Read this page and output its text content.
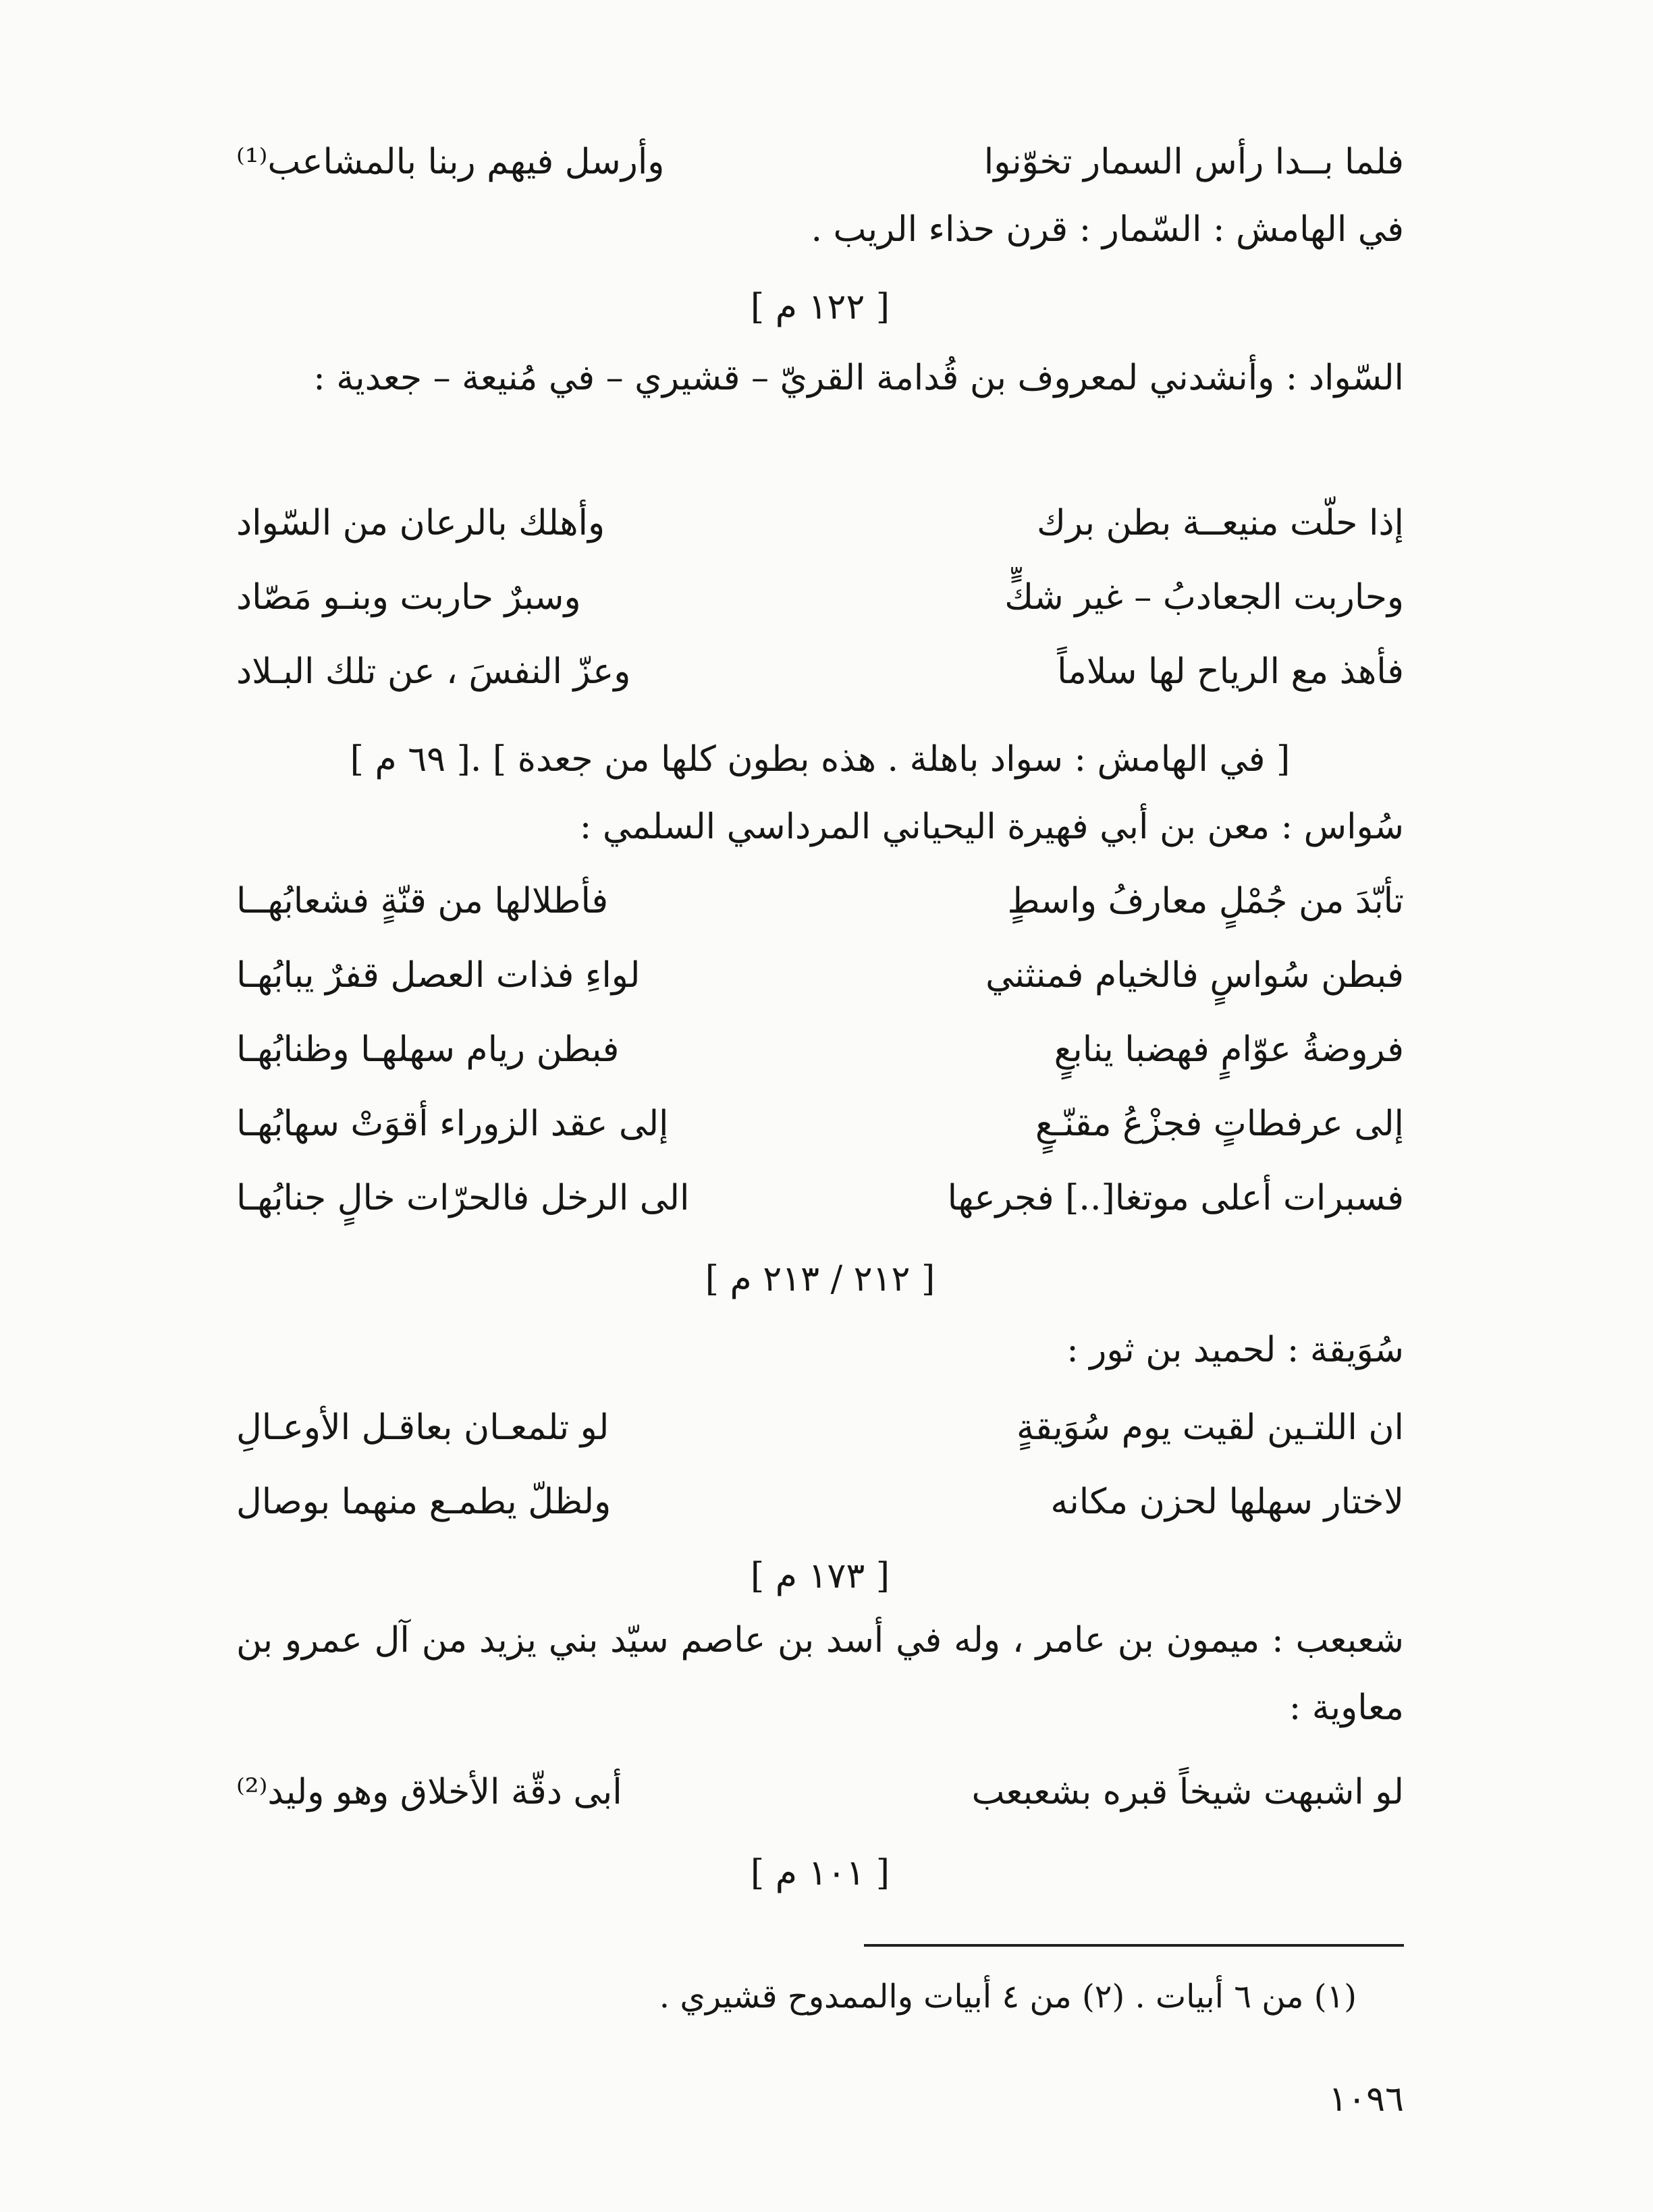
فلما بــدا رأس السمار تخوّنوا
وأرسل فيهم ربنا بالمشاعب⁽¹⁾
في الهامش : السّمار : قرن حذاء الريب .
[ ١٢٢ م ]
السّواد : وأنشدني لمعروف بن قُدامة القريّ – قشيري – في مُنيعة – جعدية :
إذا حلّت منيعــة بطن برك
وأهلك بالرعان من السّواد
وحاربت الجعادبُ – غير شكٍّ
وسبرٌ حاربت وبنـو مَصّاد
فأهذ مع الرياح لها سلاماً
وعزّ النفسَ ، عن تلك البـلاد
[ في الهامش : سواد باهلة . هذه بطون كلها من جعدة ] .[ ٦٩ م ]
سُواس : معن بن أبي فهيرة اليحياني المرداسي السلمي :
تأبّدَ من جُمْلٍ معارفُ واسطٍ
فأطلالها من قنّةٍ فشعابُهــا
فبطن سُواسٍ فالخيام فمنثني
لواءِ فذات العصل قفرٌ يبابُهـا
فروضةُ عوّامٍ فهضبا ينابعٍ
فبطن ريام سهلهـا وظنابُهـا
إلى عرفطاتٍ فجزْعُ مقنّـعٍ
إلى عقد الزوراء أقوَتْ سهابُهـا
فسبرات أعلى موتغا[..] فجرعها
الى الرخل فالحرّات خالٍ جنابُهـا
[ ٢١٢ / ٢١٣ م ]
سُوَيقة : لحميد بن ثور :
ان اللتـين لقيت يوم سُوَيقةٍ
لو تلمعـان بعاقـل الأوعـالِ
لاختار سهلها لحزن مكانه
ولظلّ يطمـع منهما بوصال
[ ١٧٣ م ]
شعبعب : ميمون بن عامر ، وله في أسد بن عاصم سيّد بني يزيد من آل عمرو بن معاوية :
لو اشبهت شيخاً قبره بشعبعب
أبى دقّة الأخلاق وهو وليد⁽²⁾
[ ١٠١ م ]
(١) من ٦ أبيات . (٢) من ٤ أبيات والممدوح قشيري .
١٠٩٦
